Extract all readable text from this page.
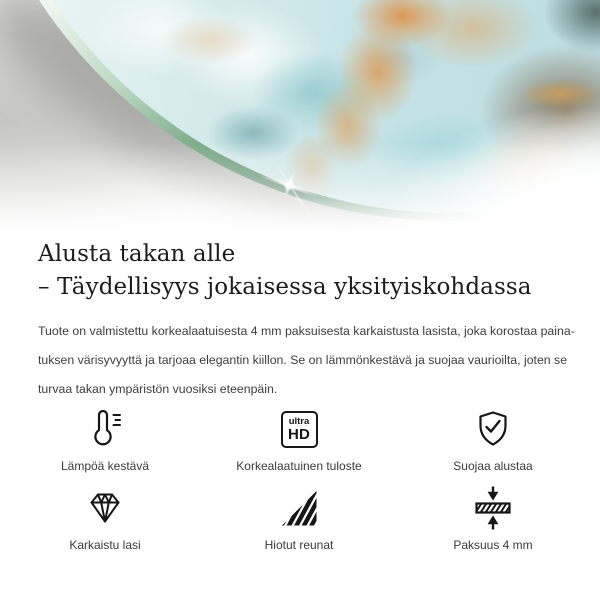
Alusta takan alle
– Täydellisyys jokaisessa yksityiskohdassa
Tuote on valmistettu korkealaatuisesta 4 mm paksuisesta karkaistusta lasista, joka korostaa paina-
tuksen värisyvyyttä ja tarjoaa elegantin kiillon. Se on lämmönkestävä ja suojaa vaurioilta, joten se
turvaa takan ympäristön vuosiksi eteenpäin.
Lämpöä kestävä
ultra
HD
Korkealaatuinen tuloste	Suojaa alustaa
Karkaistu lasi	Hiotut reunat	Paksuus 4 mm
